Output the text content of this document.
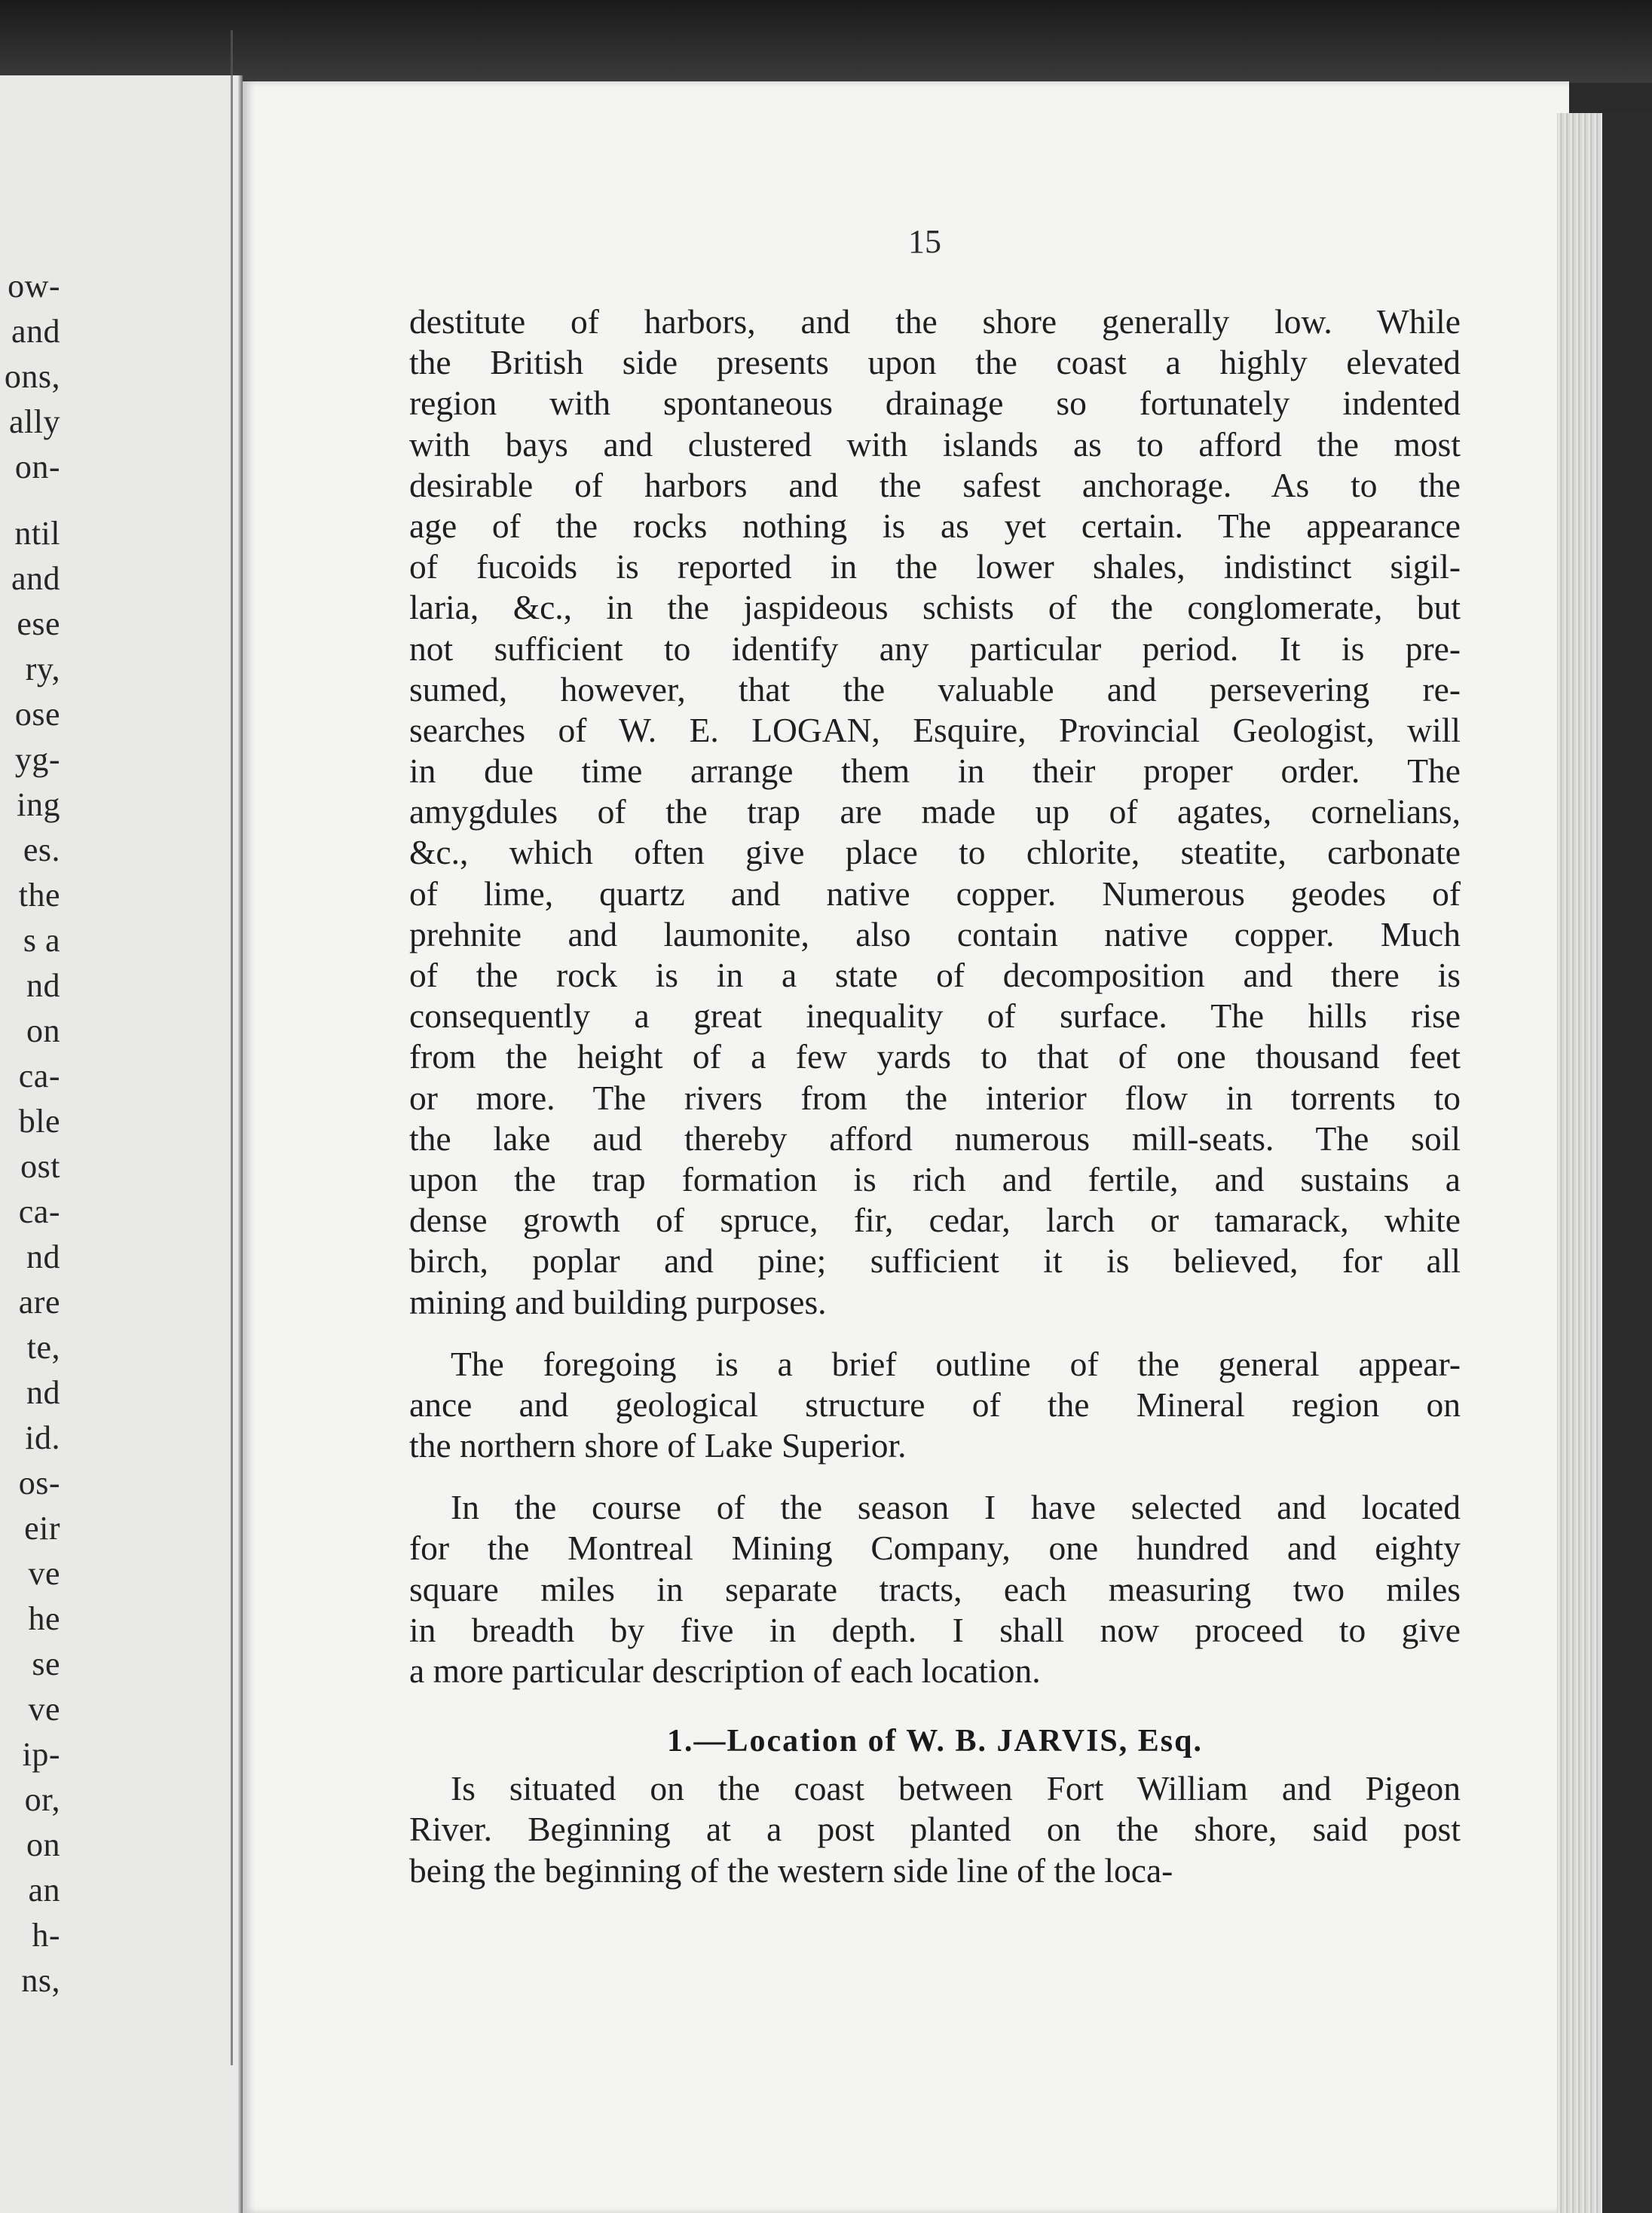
ow-
and
ons,
ally
on-
ntil
and
ese
ry,
ose
yg-
ing
es.
the
s a
nd
on
ca-
ble
ost
ca-
nd
are
te,
nd
id.
os-
eir
ve
he
se
ve
ip-
or,
on
an
h-
ns,
15
destitute of harbors, and the shore generally low. While
the British side presents upon the coast a highly elevated
region with spontaneous drainage so fortunately indented
with bays and clustered with islands as to afford the most
desirable of harbors and the safest anchorage. As to the
age of the rocks nothing is as yet certain. The appearance
of fucoids is reported in the lower shales, indistinct sigil-
laria, &c., in the jaspideous schists of the conglomerate, but
not sufficient to identify any particular period. It is pre-
sumed, however, that the valuable and persevering re-
searches of W. E. LOGAN, Esquire, Provincial Geologist, will
in due time arrange them in their proper order. The
amygdules of the trap are made up of agates, cornelians,
&c., which often give place to chlorite, steatite, carbonate
of lime, quartz and native copper. Numerous geodes of
prehnite and laumonite, also contain native copper. Much
of the rock is in a state of decomposition and there is
consequently a great inequality of surface. The hills rise
from the height of a few yards to that of one thousand feet
or more. The rivers from the interior flow in torrents to
the lake aud thereby afford numerous mill-seats. The soil
upon the trap formation is rich and fertile, and sustains a
dense growth of spruce, fir, cedar, larch or tamarack, white
birch, poplar and pine; sufficient it is believed, for all
mining and building purposes.
The foregoing is a brief outline of the general appear-
ance and geological structure of the Mineral region on
the northern shore of Lake Superior.
In the course of the season I have selected and located
for the Montreal Mining Company, one hundred and eighty
square miles in separate tracts, each measuring two miles
in breadth by five in depth. I shall now proceed to give
a more particular description of each location.
1.—Location of W. B. JARVIS, Esq.
Is situated on the coast between Fort William and Pigeon
River. Beginning at a post planted on the shore, said post
being the beginning of the western side line of the loca-
